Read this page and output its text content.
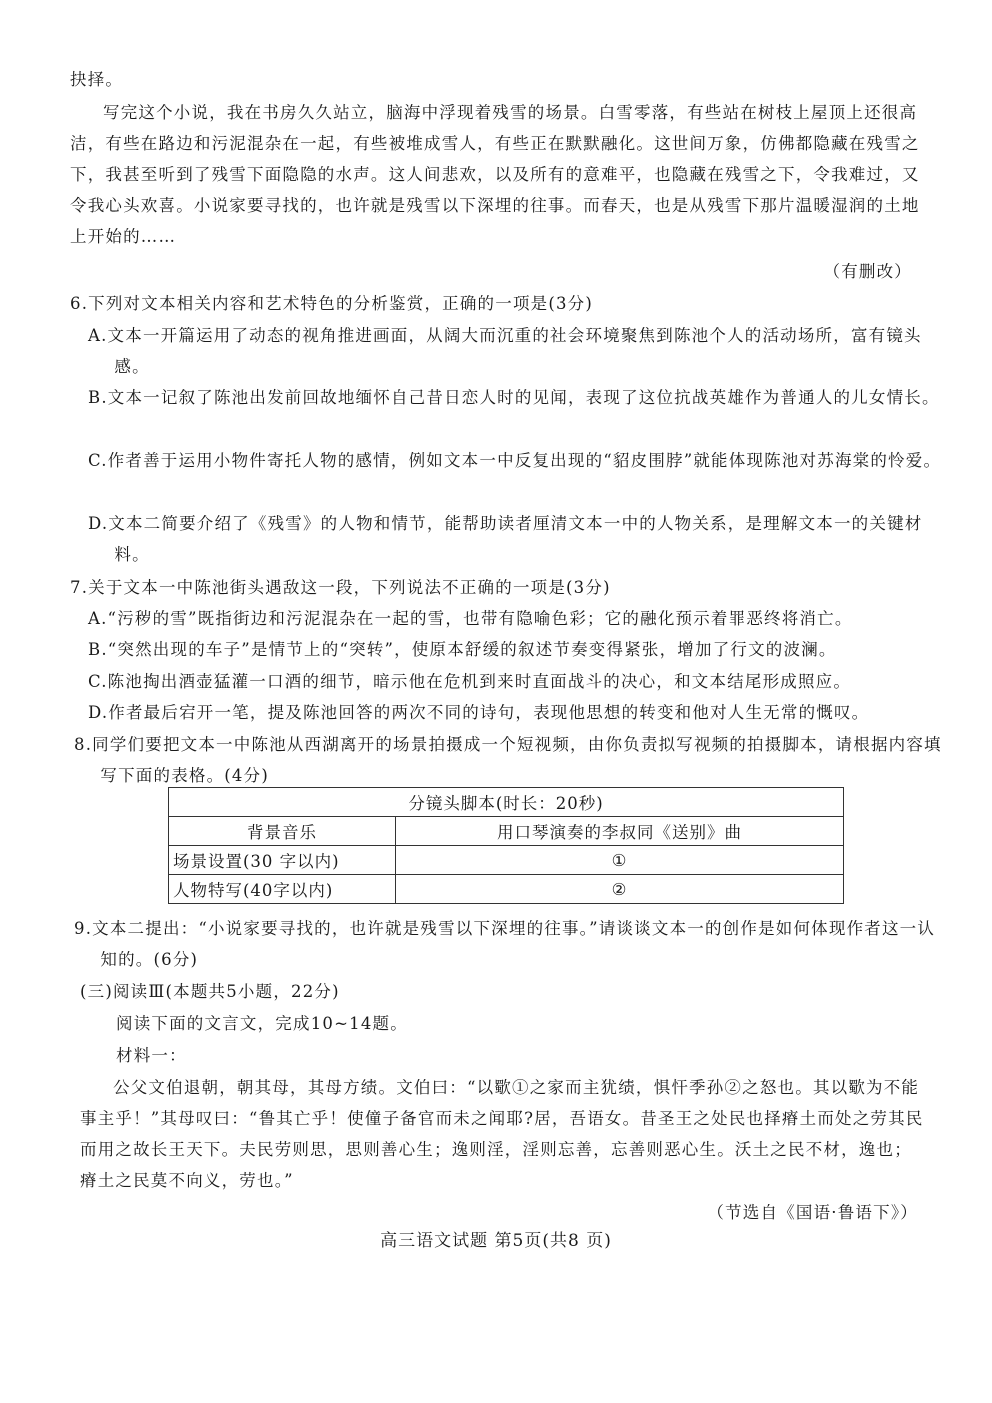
抉择。

写完这个小说，我在书房久久站立，脑海中浮现着残雪的场景。白雪零落，有些站在树枝上屋顶上还很高洁，有些在路边和污泥混杂在一起，有些被堆成雪人，有些正在默默融化。这世间万象，仿佛都隐藏在残雪之下，我甚至听到了残雪下面隐隐的水声。这人间悲欢，以及所有的意难平，也隐藏在残雪之下，令我难过，又令我心头欢喜。小说家要寻找的，也许就是残雪以下深埋的往事。而春天，也是从残雪下那片温暖湿润的土地上开始的……

（有删改）

6.下列对文本相关内容和艺术特色的分析鉴赏，正确的一项是(3分)

A.文本一开篇运用了动态的视角推进画面，从阔大而沉重的社会环境聚焦到陈池个人的活动场所，富有镜头感。

B.文本一记叙了陈池出发前回故地缅怀自己昔日恋人时的见闻，表现了这位抗战英雄作为普通人的儿女情长。

C.作者善于运用小物件寄托人物的感情，例如文本一中反复出现的“貂皮围脖”就能体现陈池对苏海棠的怜爱。

D.文本二简要介绍了《残雪》的人物和情节，能帮助读者厘清文本一中的人物关系，是理解文本一的关键材料。

7.关于文本一中陈池街头遇敌这一段，下列说法不正确的一项是(3分)

A.“污秽的雪”既指街边和污泥混杂在一起的雪，也带有隐喻色彩；它的融化预示着罪恶终将消亡。

B.“突然出现的车子”是情节上的“突转”，使原本舒缓的叙述节奏变得紧张，增加了行文的波澜。

C.陈池掏出酒壶猛灌一口酒的细节，暗示他在危机到来时直面战斗的决心，和文本结尾形成照应。

D.作者最后宕开一笔，提及陈池回答的两次不同的诗句，表现他思想的转变和他对人生无常的慨叹。

8.同学们要把文本一中陈池从西湖离开的场景拍摄成一个短视频，由你负责拟写视频的拍摄脚本，请根据内容填写下面的表格。(4分)

分镜头脚本(时长：20秒)	
背景音乐	用口琴演奏的李叔同《送别》曲
场景设置(30 字以内)	①
人物特写(40字以内)	②

9.文本二提出：“小说家要寻找的，也许就是残雪以下深埋的往事。”请谈谈文本一的创作是如何体现作者这一认知的。(6分)

(三)阅读Ⅲ(本题共5小题，22分)

阅读下面的文言文，完成10~14题。

材料一：

公父文伯退朝，朝其母，其母方绩。文伯曰：“以歜①之家而主犹绩，惧忓季孙②之怒也。其以歜为不能事主乎！”其母叹曰：“鲁其亡乎！使僮子备官而未之闻耶?居，吾语女。昔圣王之处民也择瘠土而处之劳其民而用之故长王天下。夫民劳则思，思则善心生；逸则淫，淫则忘善，忘善则恶心生。沃土之民不材，逸也；瘠土之民莫不向义，劳也。”

（节选自《国语·鲁语下》）

高三语文试题 第5页(共8 页)
